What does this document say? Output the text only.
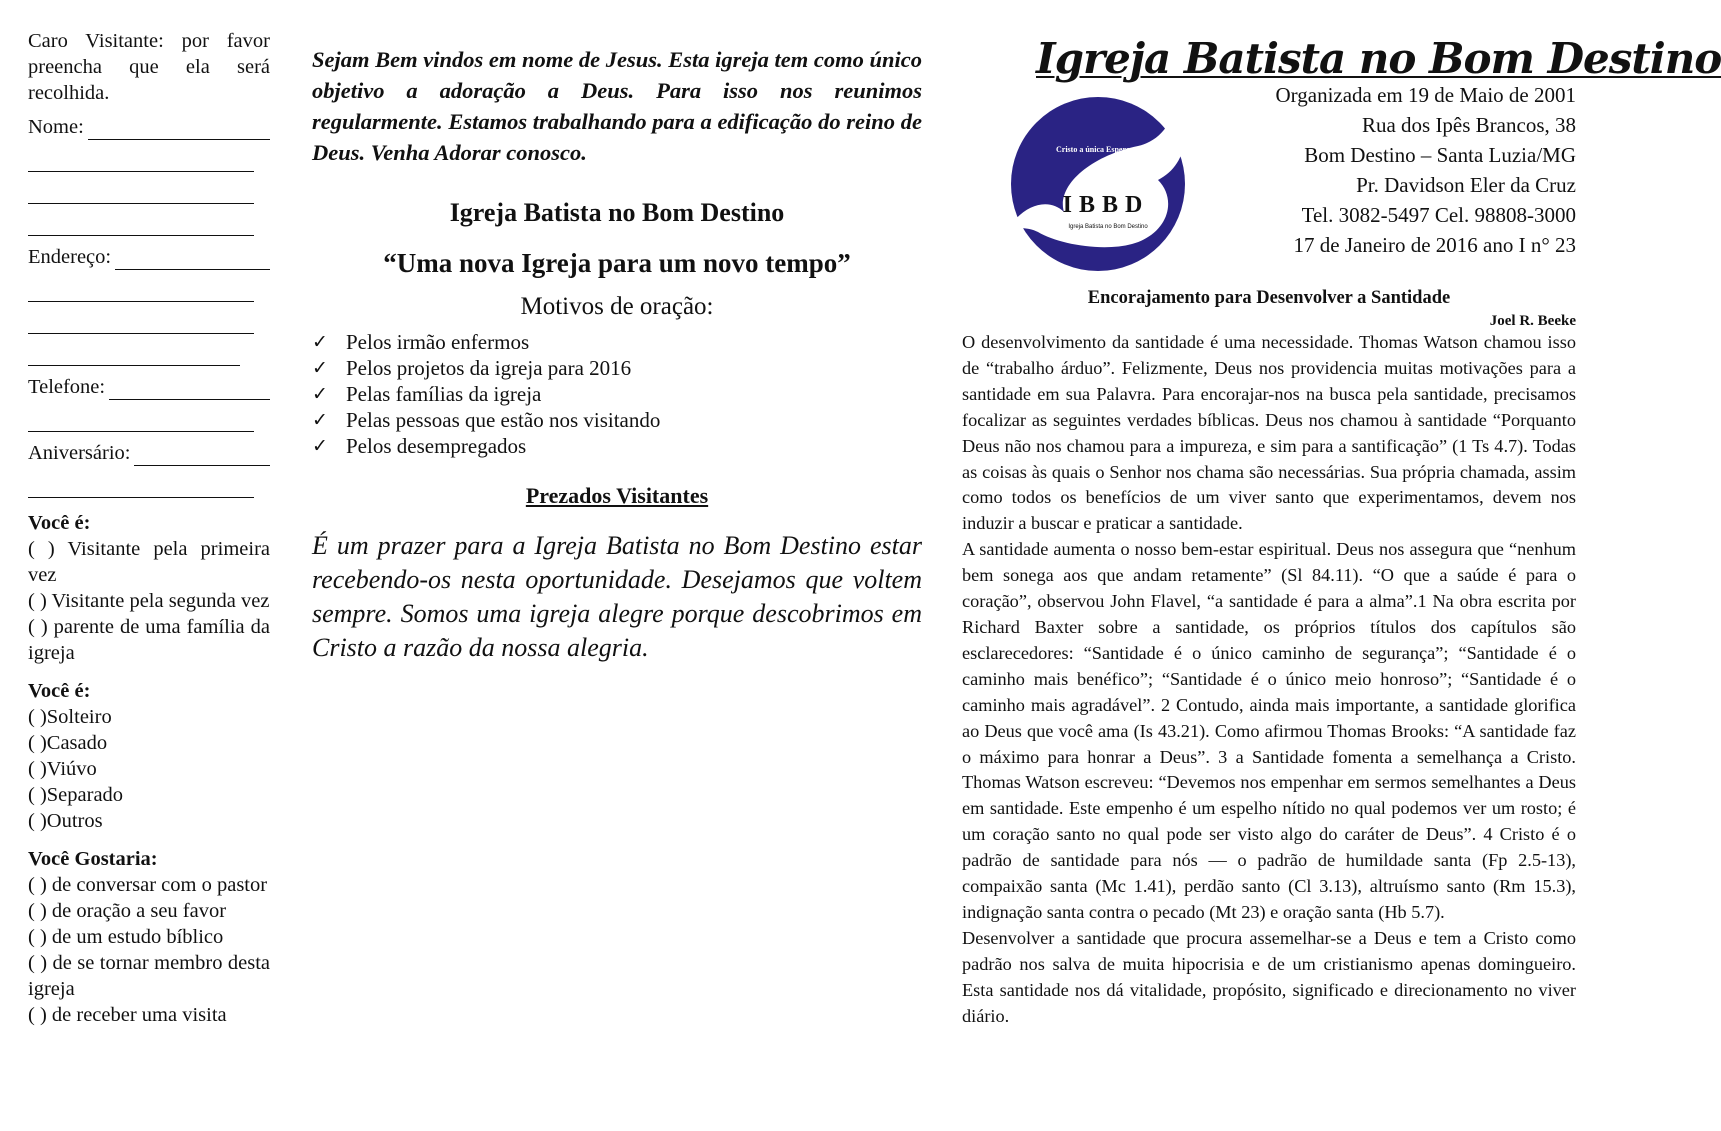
Caro Visitante: por favor preencha que ela será recolhida.
Nome:
Endereço:
Telefone:
Aniversário:
Você é:
( ) Visitante pela primeira vez
( ) Visitante pela segunda vez
( ) parente de uma família da igreja
Você é:
( )Solteiro
( )Casado
( )Viúvo
( )Separado
( )Outros
Você Gostaria:
( ) de conversar com o pastor
( ) de oração a seu favor
( ) de um estudo bíblico
( ) de se tornar membro desta igreja
( ) de receber uma visita

Sejam Bem vindos em nome de Jesus. Esta igreja tem como único objetivo a adoração a Deus. Para isso nos reunimos regularmente. Estamos trabalhando para a edificação do reino de Deus. Venha Adorar conosco.

Igreja Batista no Bom Destino
“Uma nova Igreja para um novo tempo”
Motivos de oração:
✓ Pelos irmão enfermos
✓ Pelos projetos da igreja para 2016
✓ Pelas famílias da igreja
✓ Pelas pessoas que estão nos visitando
✓ Pelos desempregados
Prezados Visitantes

É um prazer para a Igreja Batista no Bom Destino estar recebendo-os nesta oportunidade. Desejamos que voltem sempre. Somos uma igreja alegre porque descobrimos em Cristo a razão da nossa alegria.

Igreja Batista no Bom Destino
Cristo a única Esperança!
IBBD
Igreja Batista no Bom Destino
Organizada em 19 de Maio de 2001
Rua dos Ipês Brancos, 38
Bom Destino – Santa Luzia/MG
Pr. Davidson Eler da Cruz
Tel. 3082-5497 Cel. 98808-3000
17 de Janeiro de 2016 ano I n° 23
Encorajamento para Desenvolver a Santidade
Joel R. Beeke

O desenvolvimento da santidade é uma necessidade. Thomas Watson chamou isso de “trabalho árduo”. Felizmente, Deus nos providencia muitas motivações para a santidade em sua Palavra. Para encorajar-nos na busca pela santidade, precisamos focalizar as seguintes verdades bíblicas. Deus nos chamou à santidade “Porquanto Deus não nos chamou para a impureza, e sim para a santificação” (1 Ts 4.7). Todas as coisas às quais o Senhor nos chama são necessárias. Sua própria chamada, assim como todos os benefícios de um viver santo que experimentamos, devem nos induzir a buscar e praticar a santidade.

A santidade aumenta o nosso bem-estar espiritual. Deus nos assegura que “nenhum bem sonega aos que andam retamente” (Sl 84.11). “O que a saúde é para o coração”, observou John Flavel, “a santidade é para a alma”.1 Na obra escrita por Richard Baxter sobre a santidade, os próprios títulos dos capítulos são esclarecedores: “Santidade é o único caminho de segurança”; “Santidade é o caminho mais benéfico”; “Santidade é o único meio honroso”; “Santidade é o caminho mais agradável”. 2 Contudo, ainda mais importante, a santidade glorifica ao Deus que você ama (Is 43.21). Como afirmou Thomas Brooks: “A santidade faz o máximo para honrar a Deus”. 3 a Santidade fomenta a semelhança a Cristo. Thomas Watson escreveu: “Devemos nos empenhar em sermos semelhantes a Deus em santidade. Este empenho é um espelho nítido no qual podemos ver um rosto; é um coração santo no qual pode ser visto algo do caráter de Deus”. 4 Cristo é o padrão de santidade para nós — o padrão de humildade santa (Fp 2.5-13), compaixão santa (Mc 1.41), perdão santo (Cl 3.13), altruísmo santo (Rm 15.3), indignação santa contra o pecado (Mt 23) e oração santa (Hb 5.7).

Desenvolver a santidade que procura assemelhar-se a Deus e tem a Cristo como padrão nos salva de muita hipocrisia e de um cristianismo apenas domingueiro. Esta santidade nos dá vitalidade, propósito, significado e direcionamento no viver diário.
